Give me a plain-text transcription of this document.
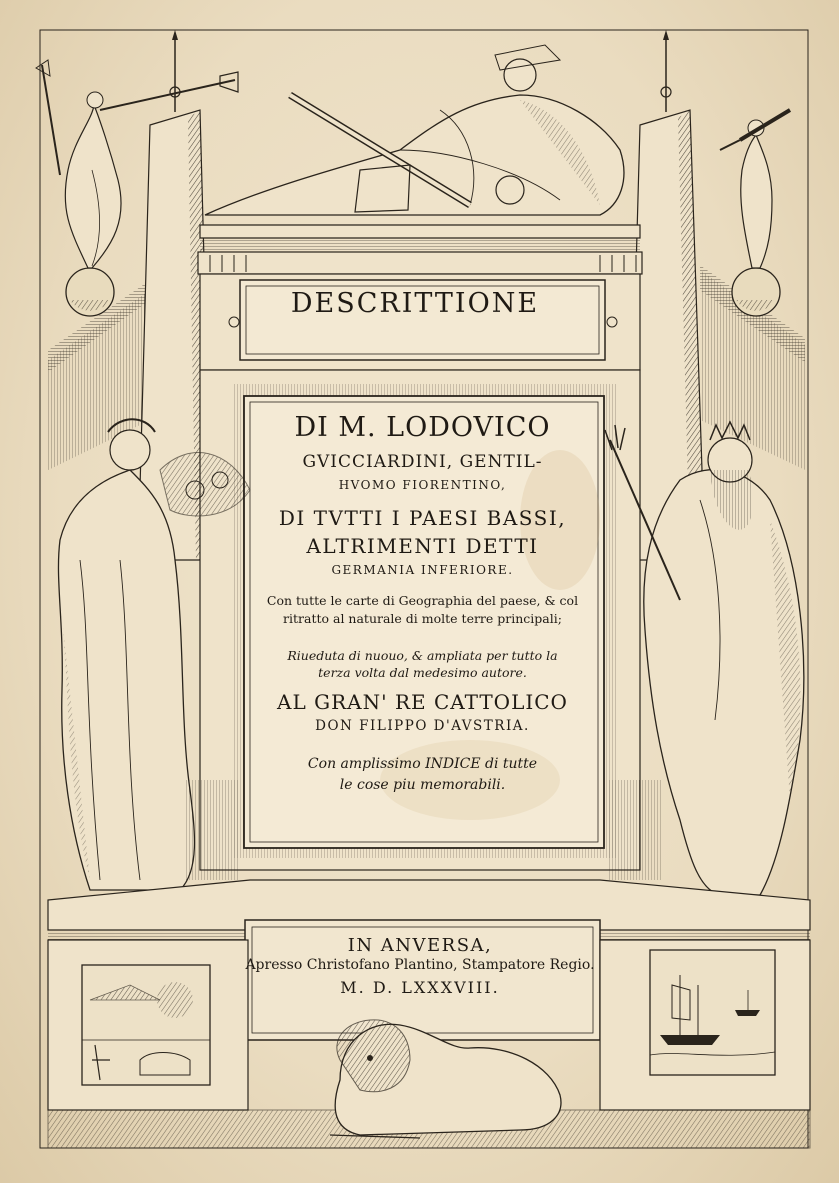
DESCRITTIONE
DI M. LODOVICO
GVICCIARDINI, GENTIL-
HVOMO FIORENTINO,
DI TVTTI I PAESI BASSI,
ALTRIMENTI DETTI
GERMANIA INFERIORE.
Con tutte le carte di Geographia del paese, & col
ritratto al naturale di molte terre principali;
Riueduta di nuouo, & ampliata per tutto la
terza volta dal medesimo autore.
AL GRAN' RE CATTOLICO
DON FILIPPO D'AVSTRIA.
Con amplissimo INDICE di tutte
le cose piu memorabili.
IN ANVERSA,
Apresso Christofano Plantino, Stampatore Regio.
M. D. LXXXVIII.
